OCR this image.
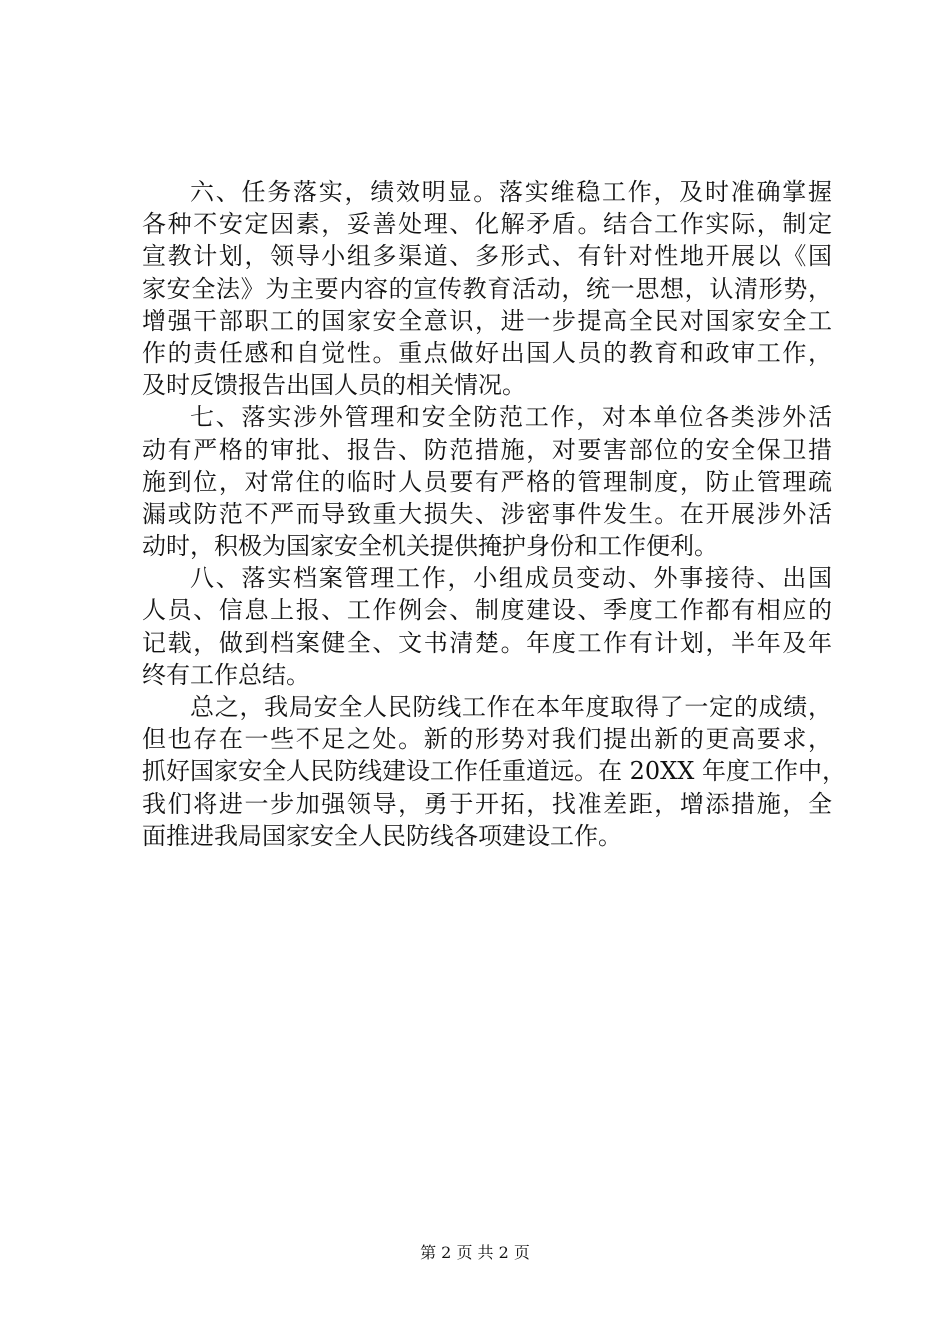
六、任务落实，绩效明显。落实维稳工作，及时准确掌握
各种不安定因素，妥善处理、化解矛盾。结合工作实际，制定
宣教计划，领导小组多渠道、多形式、有针对性地开展以《国
家安全法》为主要内容的宣传教育活动，统一思想，认清形势，
增强干部职工的国家安全意识，进一步提高全民对国家安全工
作的责任感和自觉性。重点做好出国人员的教育和政审工作，
及时反馈报告出国人员的相关情况。
七、落实涉外管理和安全防范工作，对本单位各类涉外活
动有严格的审批、报告、防范措施，对要害部位的安全保卫措
施到位，对常住的临时人员要有严格的管理制度，防止管理疏
漏或防范不严而导致重大损失、涉密事件发生。在开展涉外活
动时，积极为国家安全机关提供掩护身份和工作便利。
八、落实档案管理工作，小组成员变动、外事接待、出国
人员、信息上报、工作例会、制度建设、季度工作都有相应的
记载，做到档案健全、文书清楚。年度工作有计划，半年及年
终有工作总结。
总之，我局安全人民防线工作在本年度取得了一定的成绩，
但也存在一些不足之处。新的形势对我们提出新的更高要求，
抓好国家安全人民防线建设工作任重道远。在 20XX 年度工作中，
我们将进一步加强领导，勇于开拓，找准差距，增添措施，全
面推进我局国家安全人民防线各项建设工作。
第 2 页 共 2 页
